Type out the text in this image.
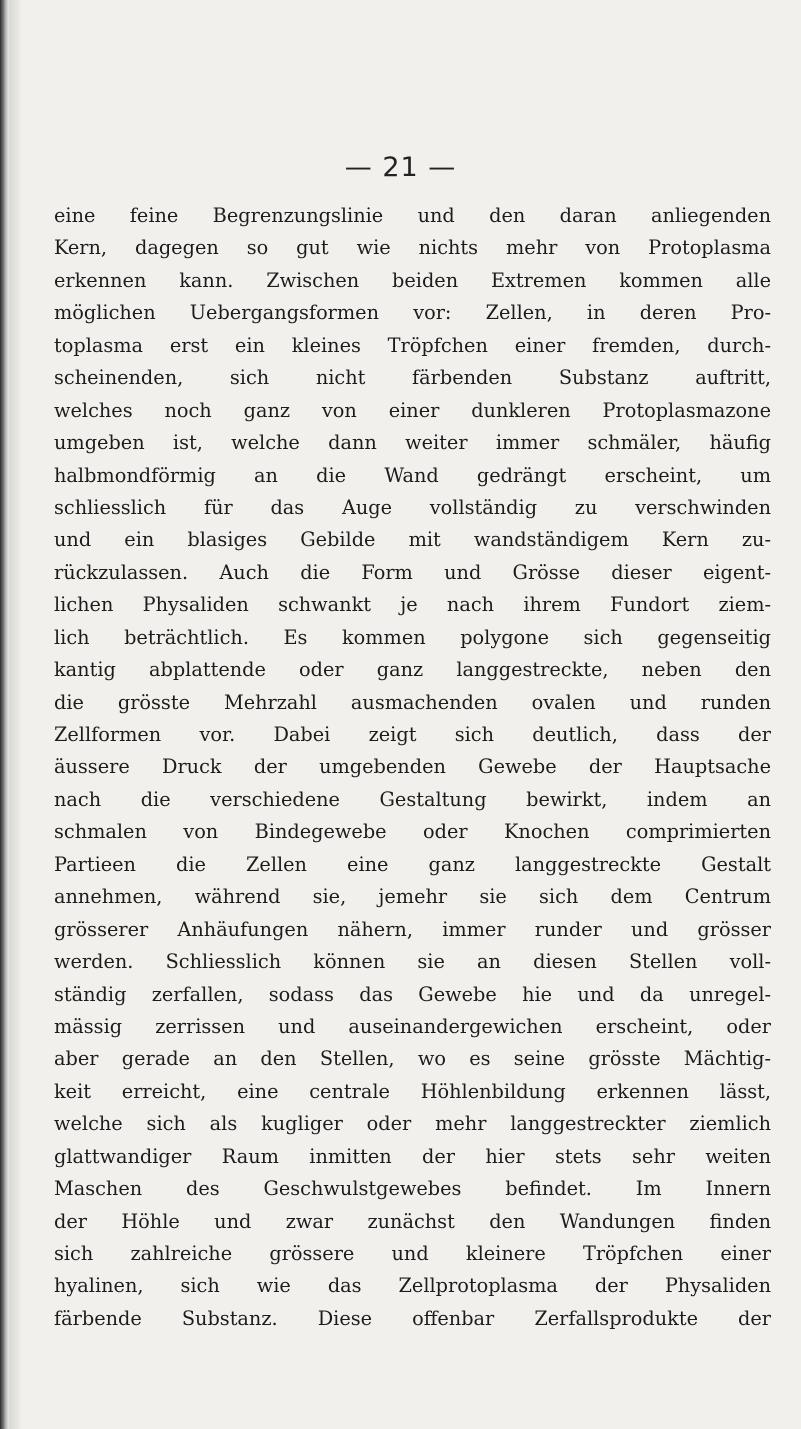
— 21 —
eine feine Begrenzungslinie und den daran anliegenden
Kern, dagegen so gut wie nichts mehr von Protoplasma
erkennen kann. Zwischen beiden Extremen kommen alle
möglichen Uebergangsformen vor: Zellen, in deren Pro-
toplasma erst ein kleines Tröpfchen einer fremden, durch-
scheinenden, sich nicht färbenden Substanz auftritt,
welches noch ganz von einer dunkleren Protoplasmazone
umgeben ist, welche dann weiter immer schmäler, häufig
halbmondförmig an die Wand gedrängt erscheint, um
schliesslich für das Auge vollständig zu verschwinden
und ein blasiges Gebilde mit wandständigem Kern zu-
rückzulassen. Auch die Form und Grösse dieser eigent-
lichen Physaliden schwankt je nach ihrem Fundort ziem-
lich beträchtlich. Es kommen polygone sich gegenseitig
kantig abplattende oder ganz langgestreckte, neben den
die grösste Mehrzahl ausmachenden ovalen und runden
Zellformen vor. Dabei zeigt sich deutlich, dass der
äussere Druck der umgebenden Gewebe der Hauptsache
nach die verschiedene Gestaltung bewirkt, indem an
schmalen von Bindegewebe oder Knochen comprimierten
Partieen die Zellen eine ganz langgestreckte Gestalt
annehmen, während sie, jemehr sie sich dem Centrum
grösserer Anhäufungen nähern, immer runder und grösser
werden. Schliesslich können sie an diesen Stellen voll-
ständig zerfallen, sodass das Gewebe hie und da unregel-
mässig zerrissen und auseinandergewichen erscheint, oder
aber gerade an den Stellen, wo es seine grösste Mächtig-
keit erreicht, eine centrale Höhlenbildung erkennen lässt,
welche sich als kugliger oder mehr langgestreckter ziemlich
glattwandiger Raum inmitten der hier stets sehr weiten
Maschen des Geschwulstgewebes befindet. Im Innern
der Höhle und zwar zunächst den Wandungen finden
sich zahlreiche grössere und kleinere Tröpfchen einer
hyalinen, sich wie das Zellprotoplasma der Physaliden
färbende Substanz. Diese offenbar Zerfallsprodukte der
